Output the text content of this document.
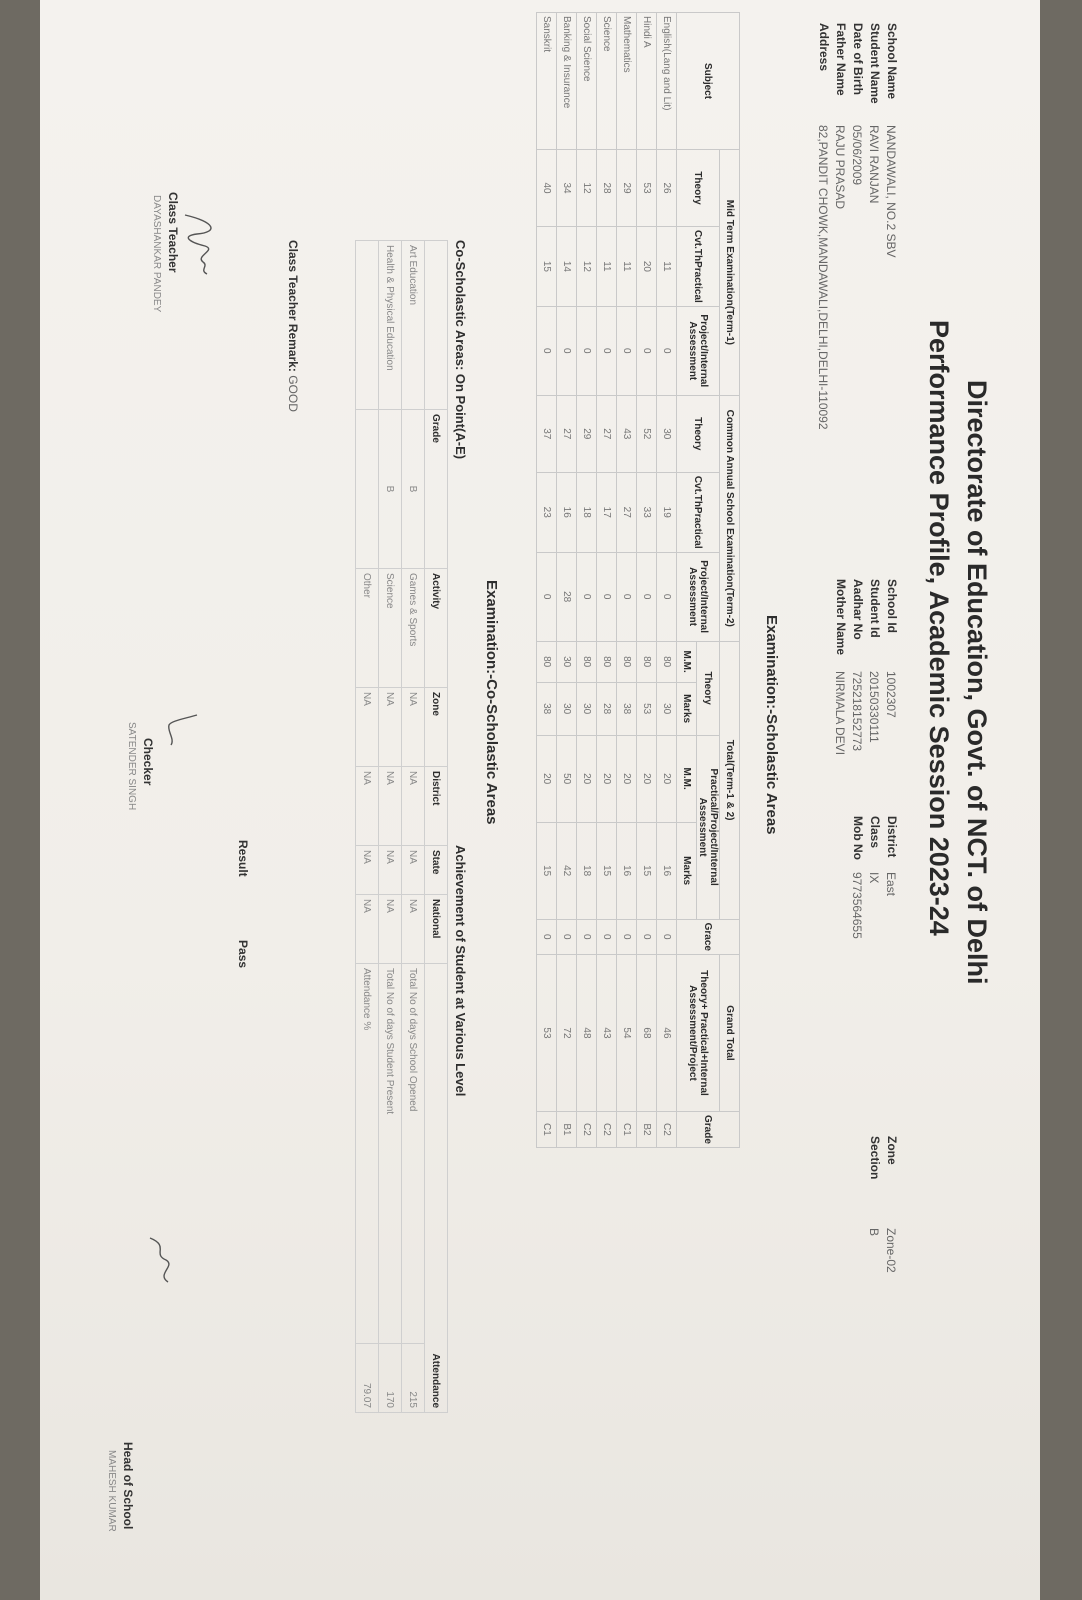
Directorate of Education, Govt. of NCT. of Delhi
Performance Profile, Academic Session 2023-24
School Name	NANDAWALI, NO.2 SBV
Student Name	RAVI RANJAN
Date of Birth	05/06/2009
Father Name	RAJU PRASAD
Address	82,PANDIT CHOWK,MANDAWALI,DELHI,DELHI-110092
School Id	1002307
Student Id	20150330111
Aadhar No	725218152773
Mother Name	NIRMALA DEVI
District	East
Class	IX
Mob No	9773564655
Zone	Zone-02
Section	B
Examination:-Scholastic Areas
Subject	Mid Term Examination(Term-1)			Common Annual School Examination(Term-2)			Total(Term-1 & 2)				Grace	Grand Total	Grade
	Theory	Cvt.ThPractical	Project/Internal Assessment	Theory	Cvt.ThPractical	Project/Internal Assessment	Theory		Practical/Project/Internal Assessment			Theory+ Practical+Internal Assessment/Project	
							M.M.	Marks	M.M.	Marks			
English(Lang and Lit)	26	11	0	30	19	0	80	30	20	16	0	46	C2
Hindi A	53	20	0	52	33	0	80	53	20	15	0	68	B2
Mathematics	29	11	0	43	27	0	80	38	20	16	0	54	C1
Science	28	11	0	27	17	0	80	28	20	15	0	43	C2
Social Science	12	12	0	29	18	0	80	30	20	18	0	48	C2
Banking & Insurance	34	14	0	27	16	28	30	30	50	42	0	72	B1
Sanskrit	40	15	0	37	23	0	80	38	20	15	0	53	C1
Examination:-Co-Scholastic Areas
Co-Scholastic Areas: On Point(A-E)
Achievement of Student at Various Level
	Grade	Activity	Zone	District	State	National	Attendance	
Art Education	B	Games & Sports	NA	NA	NA	NA	Total No of days School Opened	215
Health & Physical Education	B	Science	NA	NA	NA	NA	Total No of days Student Present	170
		Other	NA	NA	NA	NA	Attendance %	79.07
Class Teacher Remark: GOOD
Result Pass
Class Teacher
DAYASHANKAR PANDEY
Checker
SATENDER SINGH
Head of School
MAHESH KUMAR
